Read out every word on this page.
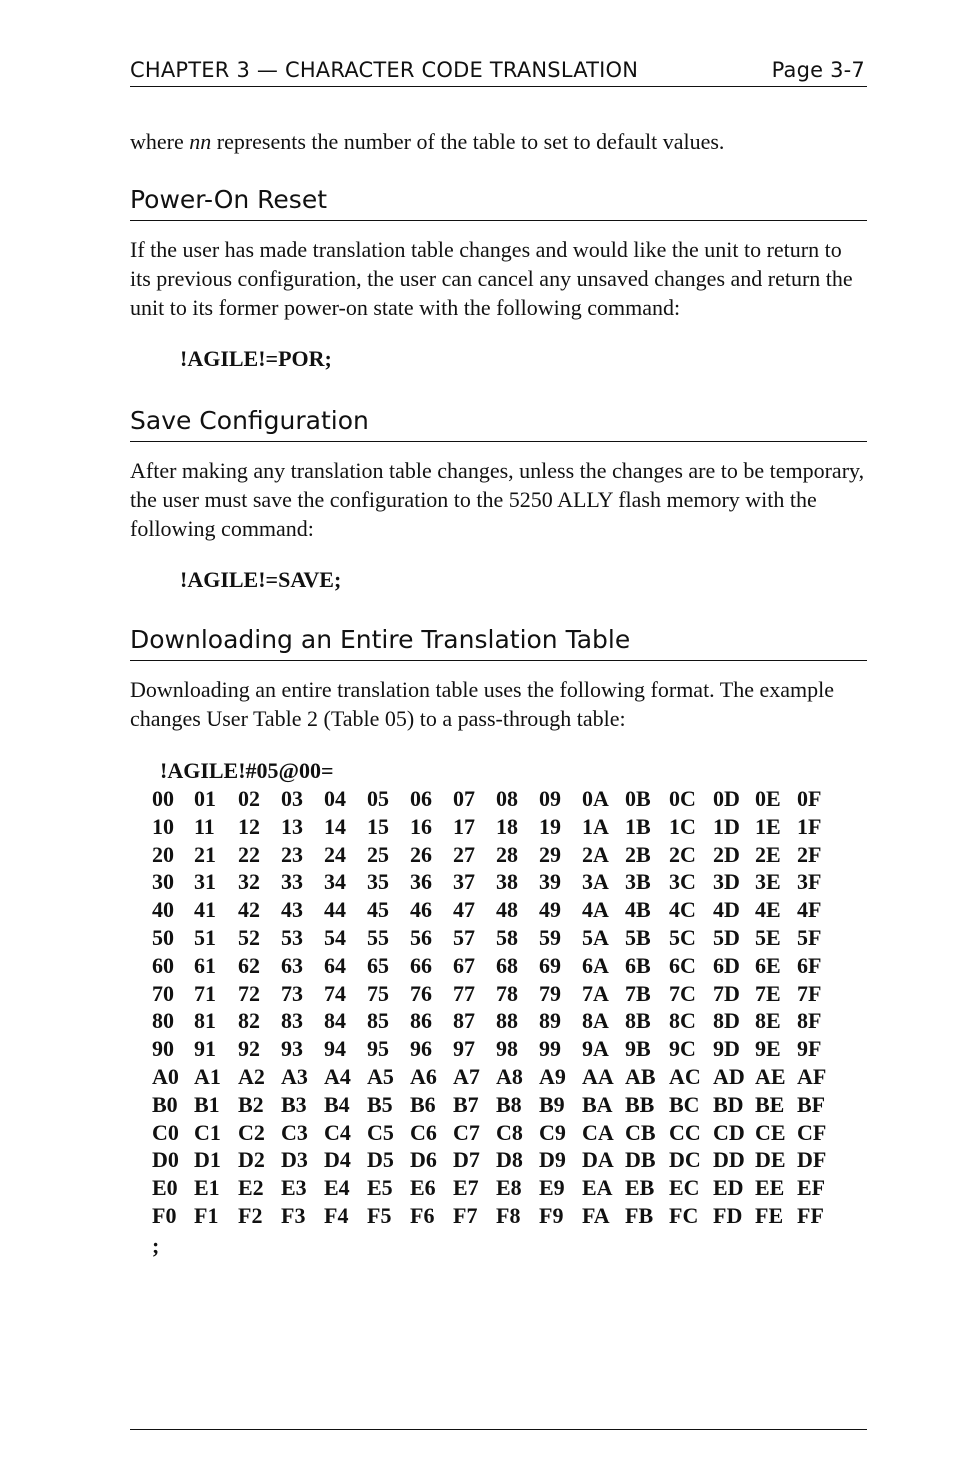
CHAPTER 3 — CHARACTER CODE TRANSLATION	Page 3-7

where nn represents the number of the table to set to default values.

Power-On Reset

If the user has made translation table changes and would like the unit to return to its previous configuration, the user can cancel any unsaved changes and return the unit to its former power-on state with the following command:

!AGILE!=POR;
Save Configuration

After making any translation table changes, unless the changes are to be temporary, the user must save the configuration to the 5250 ALLY flash memory with the following command:

!AGILE!=SAVE;
Downloading an Entire Translation Table

Downloading an entire translation table uses the following format. The example changes User Table 2 (Table 05) to a pass-through table:

!AGILE!#05@00=
00 01	02 03 04 05 06 07 08 09 0A 0B 0C 0D 0E 0F
10 11	12 13 14 15 16 17 18 19 1A 1B 1C 1D 1E 1F
20 21	22 23 24 25 26 27 28 29 2A 2B 2C 2D 2E 2F
30 31	32 33 34 35 36 37 38 39 3A 3B 3C 3D 3E 3F
40 41	42 43 44 45 46 47 48 49 4A 4B 4C 4D 4E 4F
50 51	52 53 54 55 56 57 58 59 5A 5B 5C 5D 5E 5F
60 61	62 63 64 65 66 67 68 69 6A 6B 6C 6D 6E 6F
70 71	72 73 74 75 76 77 78 79 7A 7B 7C 7D 7E 7F
80 81	82 83 84 85 86 87 88 89 8A 8B 8C 8D 8E 8F
90 91	92 93 94 95 96 97 98 99 9A 9B 9C 9D 9E 9F
A0 A1 A2 A3 A4 A5 A6 A7 A8 A9 AA AB AC AD AE AF
B0 B1 B2 B3 B4 B5 B6 B7 B8 B9 BA BB BC BD BE BF
C0 C1 C2 C3 C4 C5 C6 C7 C8 C9 CA CB CC CD CE CF
D0 D1 D2 D3 D4 D5 D6 D7 D8 D9 DA DB DC DD DE DF
E0 E1 E2 E3 E4 E5 E6 E7 E8 E9 EA EB EC ED EE EF
F0 F1 F2 F3 F4 F5 F6 F7 F8 F9 FA FB FC FD FE FF
;
